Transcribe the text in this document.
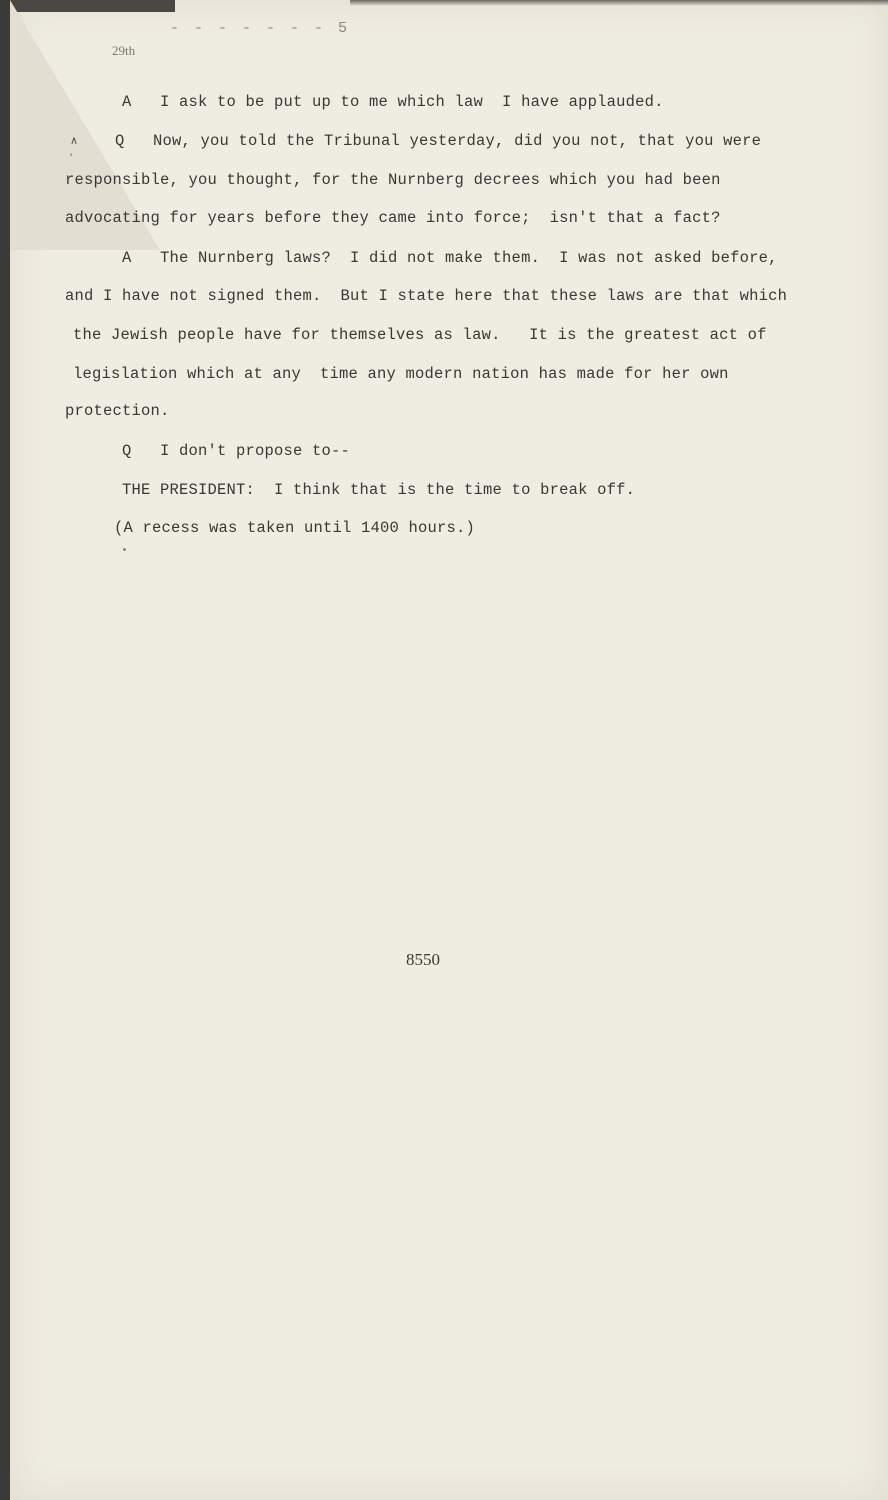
29th
- - - - - - - 5
∧
'
A   I ask to be put up to me which law  I have applauded.
Q   Now, you told the Tribunal yesterday, did you not, that you were
responsible, you thought, for the Nurnberg decrees which you had been
advocating for years before they came into force;  isn't that a fact?
A   The Nurnberg laws?  I did not make them.  I was not asked before,
and I have not signed them.  But I state here that these laws are that which
the Jewish people have for themselves as law.   It is the greatest act of
legislation which at any  time any modern nation has made for her own
protection.
Q   I don't propose to--
THE PRESIDENT:  I think that is the time to break off.
(A recess was taken until 1400 hours.)
8550
